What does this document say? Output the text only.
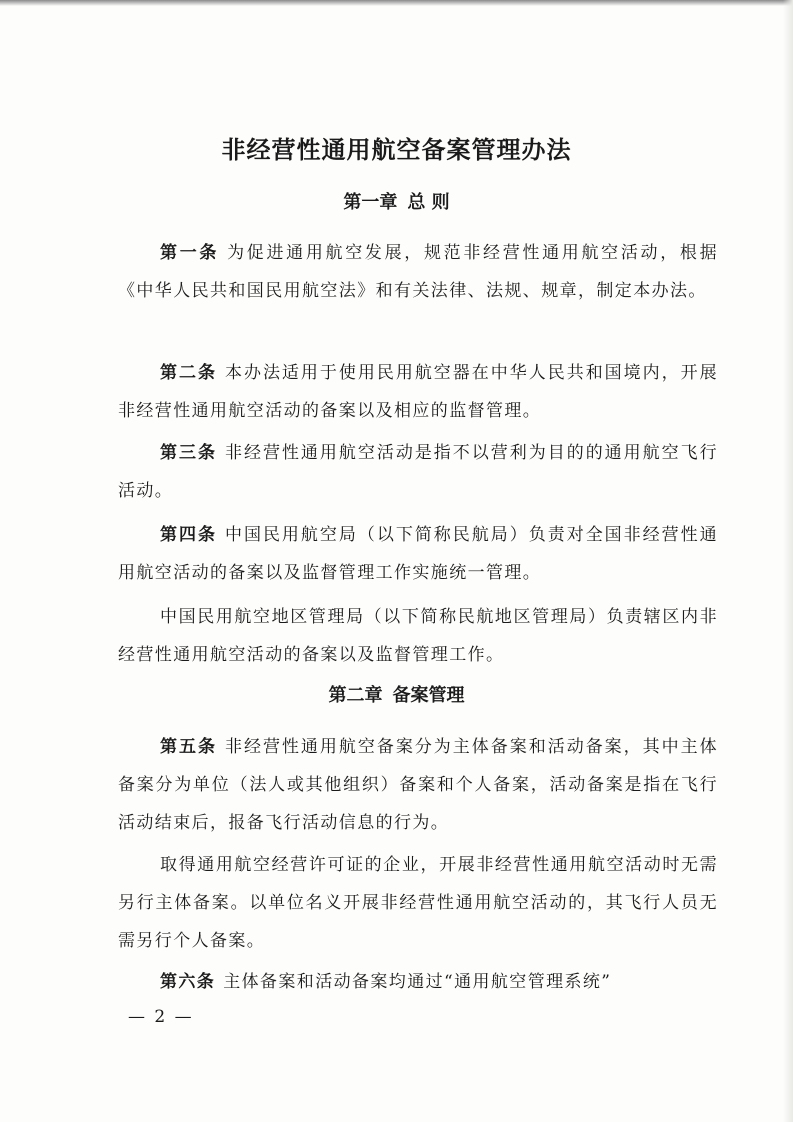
非经营性通用航空备案管理办法
第一章 总 则

第一条 为促进通用航空发展，规范非经营性通用航空活动，根据《中华人民共和国民用航空法》和有关法律、法规、规章，制定本办法。

第二条 本办法适用于使用民用航空器在中华人民共和国境内，开展非经营性通用航空活动的备案以及相应的监督管理。

第三条 非经营性通用航空活动是指不以营利为目的的通用航空飞行活动。

第四条 中国民用航空局（以下简称民航局）负责对全国非经营性通用航空活动的备案以及监督管理工作实施统一管理。

中国民用航空地区管理局（以下简称民航地区管理局）负责辖区内非经营性通用航空活动的备案以及监督管理工作。

第二章 备案管理

第五条 非经营性通用航空备案分为主体备案和活动备案，其中主体备案分为单位（法人或其他组织）备案和个人备案，活动备案是指在飞行活动结束后，报备飞行活动信息的行为。

取得通用航空经营许可证的企业，开展非经营性通用航空活动时无需另行主体备案。以单位名义开展非经营性通用航空活动的，其飞行人员无需另行个人备案。

第六条 主体备案和活动备案均通过“通用航空管理系统”

— 2 —
